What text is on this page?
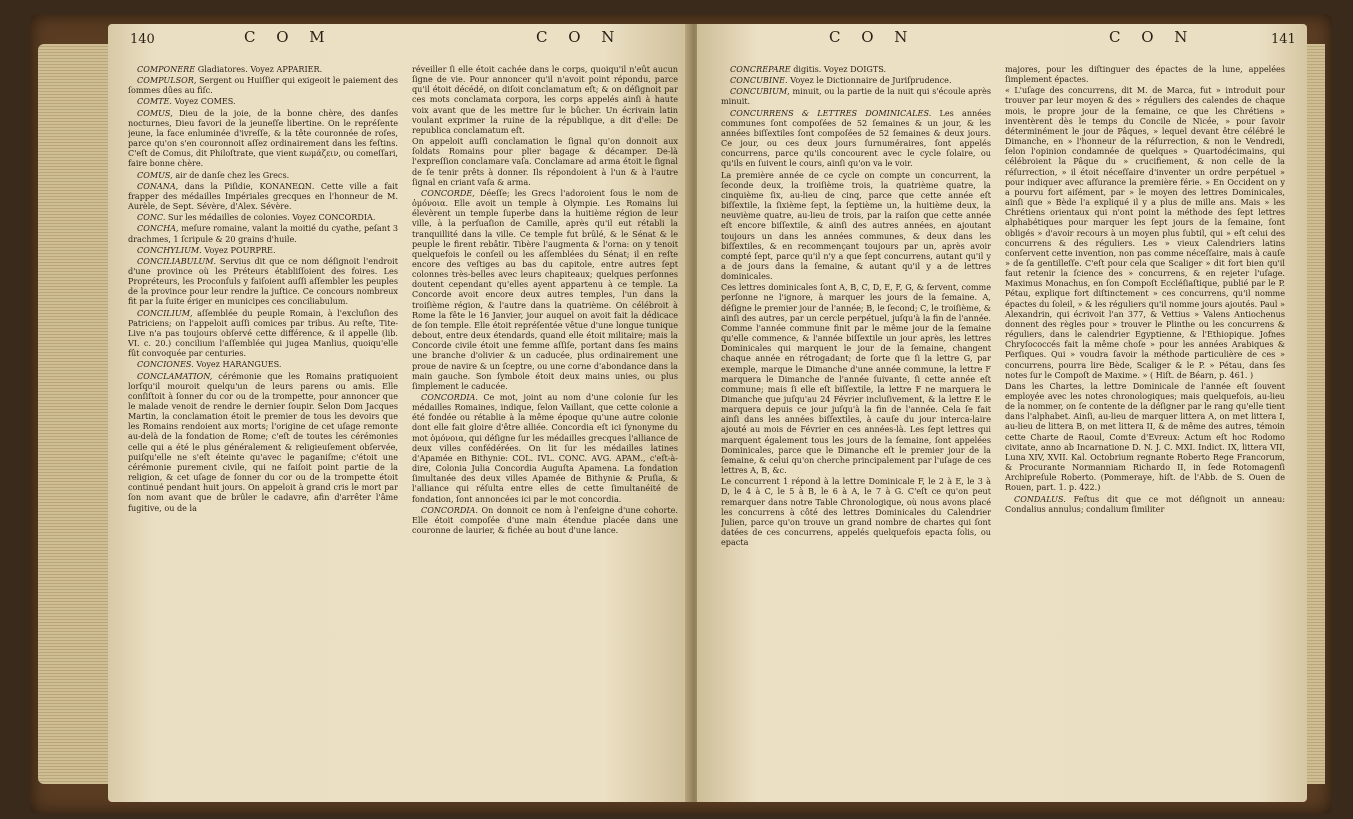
140	C O M	C O N

COMPONERE Gladiatores. Voyez APPARIER.

COMPULSOR, Sergent ou Huiſſier qui exigeoit le paiement des ſommes dûes au fiſc.

COMTE. Voyez COMES.

COMUS, Dieu de la joie, de la bonne chère, des danſes nocturnes, Dieu favori de la jeuneſſe libertine. On le repréſente jeune, la face enluminée d'ivreſſe, & la tête couronnée de roſes, parce qu'on s'en couronnoit aſſez ordinairement dans les feſtins. C'eſt de Comus, dit Philoſtrate, que vient κωμάζειν, ou comeſſari, faire bonne chère.

COMUS, air de danſe chez les Grecs.

CONANA, dans la Piſidie, ΚΟΝΑΝΕΩΝ. Cette ville a fait frapper des médailles Impériales grecques en l'honneur de M. Aurèle, de Sept. Sévère, d'Alex. Sévère.

CONC. Sur les médailles de colonies. Voyez CONCORDIA.

CONCHA, meſure romaine, valant la moitié du cyathe, peſant 3 drachmes, 1 ſcripule & 20 grains d'huile.

CONCHYLIUM. Voyez POURPRE.

CONCILIABULUM. Servius dit que ce nom déſignoit l'endroit d'une province où les Préteurs établiſſoient des foires. Les Propréteurs, les Proconſuls y faiſoient auſſi aſſembler les peuples de la province pour leur rendre la juſtice. Ce concours nombreux fit par la ſuite ériger en municipes ces conciliabulum.

CONCILIUM, aſſemblée du peuple Romain, à l'excluſion des Patriciens; on l'appeloit auſſi comices par tribus. Au reſte, Tite-Live n'a pas toujours obſervé cette différence, & il appelle (lib. VI. c. 20.) concilium l'aſſemblée qui jugea Manlius, quoiqu'elle fût convoquée par centuries.

CONCIONES. Voyez HARANGUES.

CONCLAMATION, cérémonie que les Romains pratiquoient lorſqu'il mouroit quelqu'un de leurs parens ou amis. Elle conſiſtoit à ſonner du cor ou de la trompette, pour annoncer que le malade venoit de rendre le dernier ſoupir. Selon Dom Jacques Martin, la conclamation étoit le premier de tous les devoirs que les Romains rendoient aux morts; l'origine de cet uſage remonte au-delà de la fondation de Rome; c'eſt de toutes les cérémonies celle qui a été le plus généralement & religieuſement obſervée, puiſqu'elle ne s'eſt éteinte qu'avec le paganiſme; c'étoit une cérémonie purement civile, qui ne faiſoit point partie de la religion, & cet uſage de ſonner du cor ou de la trompette étoit continué pendant huit jours. On appeloit à grand cris le mort par ſon nom avant que de brûler le cadavre, afin d'arrêter l'âme fugitive, ou de la

réveiller ſi elle étoit cachée dans le corps, quoiqu'il n'eût aucun ſigne de vie. Pour annoncer qu'il n'avoit point répondu, parce qu'il étoit décédé, on diſoit conclamatum eſt; & on déſignoit par ces mots conclamata corpora, les corps appelés ainſi à haute voix avant que de les mettre ſur le bûcher. Un écrivain latin voulant exprimer la ruine de la république, a dit d'elle: De republica conclamatum eſt.

On appeloit auſſi conclamation le ſignal qu'on donnoit aux ſoldats Romains pour plier bagage & décamper. De-là l'expreſſion conclamare vaſa. Conclamare ad arma étoit le ſignal de ſe tenir prêts à donner. Ils répondoient à l'un & à l'autre ſignal en criant vaſa & arma.

CONCORDE, Déeſſe; les Grecs l'adoroient ſous le nom de ὁμόνοια. Elle avoit un temple à Olympie. Les Romains lui élevèrent un temple ſuperbe dans la huitième région de leur ville, à la perſuaſion de Camille, après qu'il eut rétabli la tranquillité dans la ville. Ce temple fut brûlé, & le Sénat & le peuple le firent rebâtir. Tibère l'augmenta & l'orna: on y tenoit quelquefois le conſeil ou les aſſemblées du Sénat; il en reſte encore des veſtiges au bas du capitole, entre autres ſept colonnes très-belles avec leurs chapiteaux; quelques perſonnes doutent cependant qu'elles ayent appartenu à ce temple. La Concorde avoit encore deux autres temples, l'un dans la troiſième région, & l'autre dans la quatrième. On célébroit à Rome la fête le 16 Janvier, jour auquel on avoit fait la dédicace de ſon temple. Elle étoit repréſentée vêtue d'une longue tunique debout, entre deux étendards, quand elle étoit militaire; mais la Concorde civile étoit une femme aſſiſe, portant dans ſes mains une branche d'olivier & un caducée, plus ordinairement une proue de navire & un ſceptre, ou une corne d'abondance dans la main gauche. Son ſymbole étoit deux mains unies, ou plus ſimplement le caducée.

CONCORDIA. Ce mot, joint au nom d'une colonie ſur les médailles Romaines, indique, ſelon Vaillant, que cette colonie a été fondée ou rétablie à la même époque qu'une autre colonie dont elle fait gloire d'être alliée. Concordia eſt ici ſynonyme du mot ὁμόνοια, qui déſigne ſur les médailles grecques l'alliance de deux villes confédérées. On lit ſur les médailles latines d'Apamée en Bithynie: COL. IVL. CONC. AVG. APAM., c'eſt-à-dire, Colonia Julia Concordia Auguſta Apamena. La fondation ſimultanée des deux villes Apamée de Bithynie & Pruſia, & l'alliance qui réſulta entre elles de cette ſimultanéité de fondation, ſont annoncées ici par le mot concordia.

CONCORDIA. On donnoit ce nom à l'enſeigne d'une cohorte. Elle étoit compoſée d'une main étendue placée dans une couronne de laurier, & fichée au bout d'une lance.

C O N	C O N	141

CONCREPARE digitis. Voyez DOIGTS.

CONCUBINE. Voyez le Dictionnaire de Juriſprudence.

CONCUBIUM, minuit, ou la partie de la nuit qui s'écoule après minuit.

CONCURRENS & LETTRES DOMINICALES. Les années communes ſont compoſées de 52 ſemaines & un jour, & les années biſſextiles ſont compoſées de 52 ſemaines & deux jours. Ce jour, ou ces deux jours ſurnuméraires, ſont appelés concurrens, parce qu'ils concourent avec le cycle ſolaire, ou qu'ils en ſuivent le cours, ainſi qu'on va le voir.

La première année de ce cycle on compte un concurrent, la ſeconde deux, la troiſième trois, la quatrième quatre, la cinquième ſix, au-lieu de cinq, parce que cette année eſt biſſextile, la ſixième ſept, la ſeptième un, la huitième deux, la neuvième quatre, au-lieu de trois, par la raiſon que cette année eſt encore biſſextile, & ainſi des autres années, en ajoutant toujours un dans les années communes, & deux dans les biſſextiles, & en recommençant toujours par un, après avoir compté ſept, parce qu'il n'y a que ſept concurrens, autant qu'il y a de jours dans la ſemaine, & autant qu'il y a de lettres dominicales.

Ces lettres dominicales ſont A, B, C, D, E, F, G, & ſervent, comme perſonne ne l'ignore, à marquer les jours de la ſemaine. A, déſigne le premier jour de l'année; B, le ſecond; C, le troiſième, & ainſi des autres, par un cercle perpétuel, juſqu'à la fin de l'année. Comme l'année commune finit par le même jour de la ſemaine qu'elle commence, & l'année biſſextile un jour après, les lettres Dominicales qui marquent le jour de la ſemaine, changent chaque année en rétrogadant; de ſorte que ſi la lettre G, par exemple, marque le Dimanche d'une année commune, la lettre F marquera le Dimanche de l'année ſuivante, ſi cette année eſt commune; mais ſi elle eſt biſſextile, la lettre F ne marquera le Dimanche que juſqu'au 24 Février incluſivement, & la lettre E le marquera depuis ce jour juſqu'à la fin de l'année. Cela ſe fait ainſi dans les années biſſextiles, à cauſe du jour interca-laire ajouté au mois de Février en ces années-là. Les ſept lettres qui marquent également tous les jours de la ſemaine, ſont appelées Dominicales, parce que le Dimanche eſt le premier jour de la ſemaine, & celui qu'on cherche principalement par l'uſage de ces lettres A, B, &c.

Le concurrent 1 répond à la lettre Dominicale F, le 2 à E, le 3 à D, le 4 à C, le 5 à B, le 6 à A, le 7 à G. C'eſt ce qu'on peut remarquer dans notre Table Chronologique, où nous avons placé les concurrens à côté des lettres Dominicales du Calendrier Julien, parce qu'on trouve un grand nombre de chartes qui ſont datées de ces concurrens, appelés quelquefois epacta ſolis, ou epacta

majores, pour les diſtinguer des épactes de la lune, appelées ſimplement épactes.

« L'uſage des concurrens, dit M. de Marca, fut » introduit pour trouver par leur moyen & des » réguliers des calendes de chaque mois, le propre jour de la ſemaine, ce que les Chrétiens » inventèrent dès le temps du Concile de Nicée, » pour ſavoir déterminément le jour de Pâques, » lequel devant être célébré le Dimanche, en » l'honneur de la réſurrection, & non le Vendredi, ſelon l'opinion condamnée de quelques » Quartodécimains, qui célébroient la Pâque du » crucifiement, & non celle de la réſurrection, » il étoit néceſſaire d'inventer un ordre perpétuel » pour indiquer avec aſſurance la première férie. » En Occident on y a pourvu fort aiſément, par » le moyen des lettres Dominicales, ainſi que » Bède l'a expliqué il y a plus de mille ans. Mais » les Chrétiens orientaux qui n'ont point la méthode des ſept lettres alphabétiques pour marquer les ſept jours de la ſemaine, ſont obligés » d'avoir recours à un moyen plus ſubtil, qui » eſt celui des concurrens & des réguliers. Les » vieux Calendriers latins conſervent cette invention, non pas comme néceſſaire, mais à cauſe » de ſa gentilleſſe. C'eſt pour cela que Scaliger » dit fort bien qu'il faut retenir la ſcience des » concurrens, & en rejeter l'uſage. Maximus Monachus, en ſon Compoſt Eccléſiaſtique, publié par le P. Pétau, explique fort diſtinctement » ces concurrens, qu'il nomme épactes du ſoleil, » & les réguliers qu'il nomme jours ajoutés. Paul » Alexandrin, qui écrivoit l'an 377, & Vettius » Valens Antiochenus donnent des règles pour » trouver le Plinthe ou les concurrens & réguliers, dans le calendrier Egyptienne, & l'Ethiopique. Jofnes Chryſococcés fait la même choſe » pour les années Arabiques & Perſiques. Qui » voudra ſavoir la méthode particulière de ces » concurrens, pourra lire Bède, Scaliger & le P. » Pétau, dans ſes notes ſur le Compoſt de Maxime. » ( Hiſt. de Béarn, p. 461. )

Dans les Chartes, la lettre Dominicale de l'année eſt ſouvent employée avec les notes chronologiques; mais quelquefois, au-lieu de la nommer, on ſe contente de la déſigner par le rang qu'elle tient dans l'alphabet. Ainſi, au-lieu de marquer littera A, on met littera I, au-lieu de littera B, on met littera II, & de même des autres, témoin cette Charte de Raoul, Comte d'Evreux: Actum eſt hoc Rodomo civitate, anno ab Incarnatione D. N. J. C. MXI. Indict. IX, littera VII, Luna XIV, XVII. Kal. Octobrium regnante Roberto Rege Francorum, & Procurante Normanniam Richardo II, in ſede Rotomagenſi Archipreſule Roberto. (Pommeraye, hiſt. de l'Abb. de S. Ouen de Rouen, part. 1. p. 422.)

CONDALUS. Feſtus dit que ce mot déſignoit un anneau: Condalius annulus; condalium ſimiliter
